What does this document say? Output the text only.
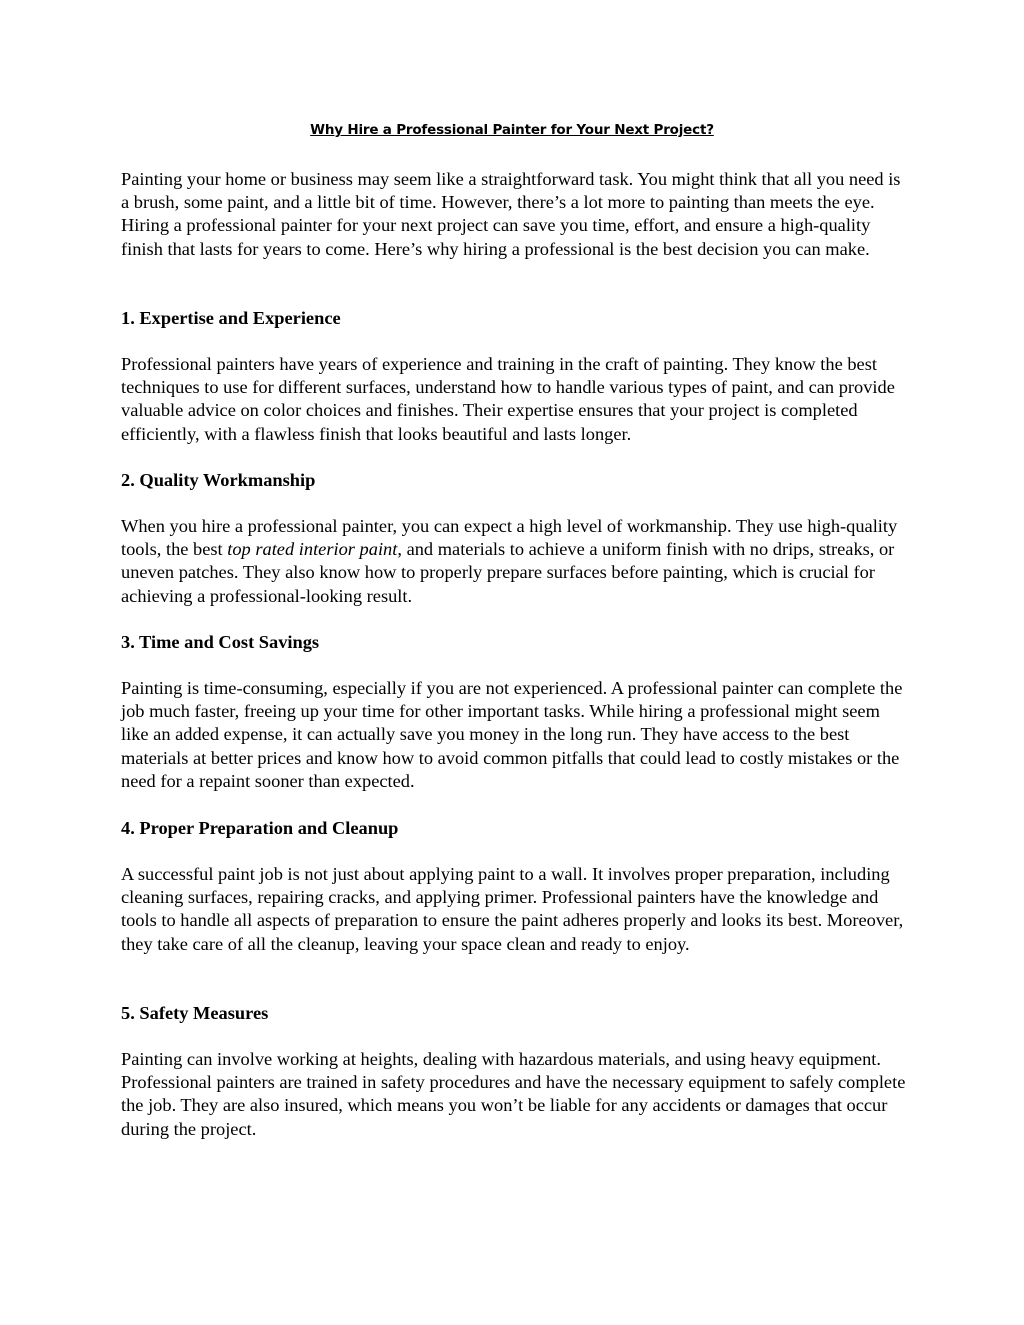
Why Hire a Professional Painter for Your Next Project?

Painting your home or business may seem like a straightforward task. You might think that all you need is a brush, some paint, and a little bit of time. However, there’s a lot more to painting than meets the eye. Hiring a professional painter for your next project can save you time, effort, and ensure a high-quality finish that lasts for years to come. Here’s why hiring a professional is the best decision you can make.

1. Expertise and Experience

Professional painters have years of experience and training in the craft of painting. They know the best techniques to use for different surfaces, understand how to handle various types of paint, and can provide valuable advice on color choices and finishes. Their expertise ensures that your project is completed efficiently, with a flawless finish that looks beautiful and lasts longer.

2. Quality Workmanship

When you hire a professional painter, you can expect a high level of workmanship. They use high-quality tools, the best top rated interior paint, and materials to achieve a uniform finish with no drips, streaks, or uneven patches. They also know how to properly prepare surfaces before painting, which is crucial for achieving a professional-looking result.

3. Time and Cost Savings

Painting is time-consuming, especially if you are not experienced. A professional painter can complete the job much faster, freeing up your time for other important tasks. While hiring a professional might seem like an added expense, it can actually save you money in the long run. They have access to the best materials at better prices and know how to avoid common pitfalls that could lead to costly mistakes or the need for a repaint sooner than expected.

4. Proper Preparation and Cleanup

A successful paint job is not just about applying paint to a wall. It involves proper preparation, including cleaning surfaces, repairing cracks, and applying primer. Professional painters have the knowledge and tools to handle all aspects of preparation to ensure the paint adheres properly and looks its best. Moreover, they take care of all the cleanup, leaving your space clean and ready to enjoy.

5. Safety Measures

Painting can involve working at heights, dealing with hazardous materials, and using heavy equipment. Professional painters are trained in safety procedures and have the necessary equipment to safely complete the job. They are also insured, which means you won’t be liable for any accidents or damages that occur during the project.
